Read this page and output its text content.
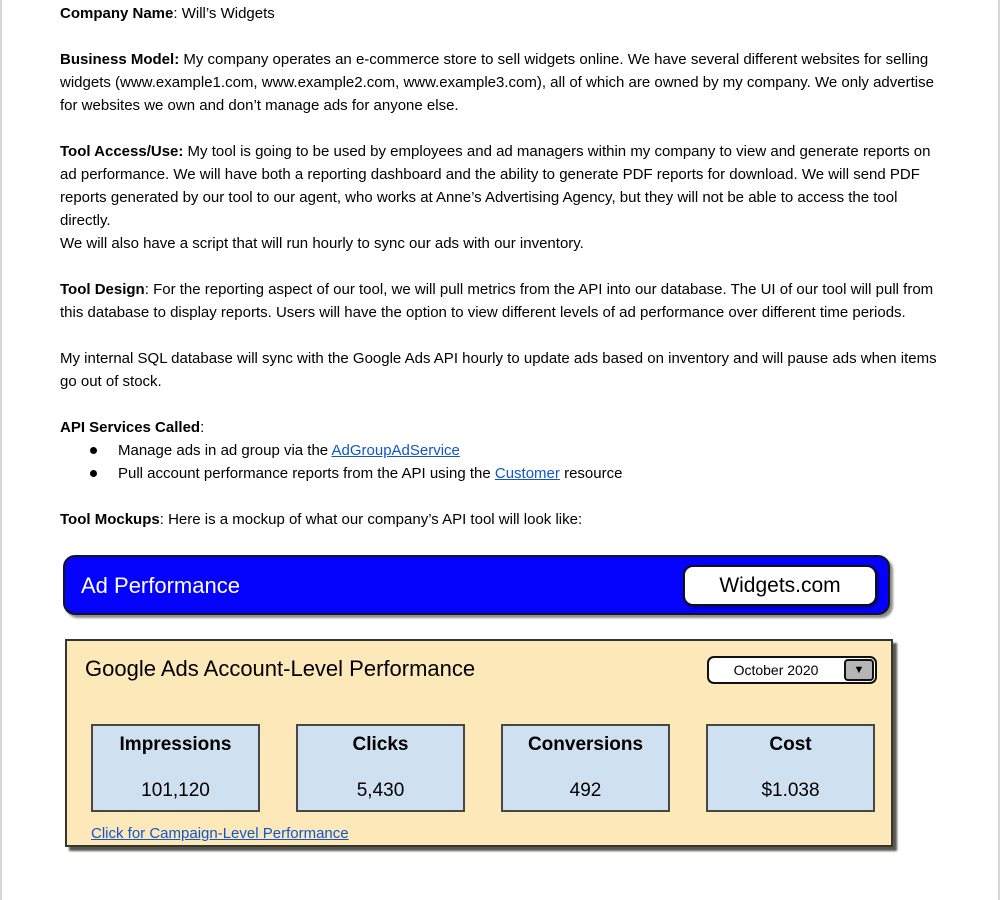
Company Name: Will’s Widgets

Business Model: My company operates an e-commerce store to sell widgets online. We have several different websites for selling widgets (www.example1.com, www.example2.com, www.example3.com), all of which are owned by my company. We only advertise for websites we own and don’t manage ads for anyone else.

Tool Access/Use: My tool is going to be used by employees and ad managers within my company to view and generate reports on ad performance. We will have both a reporting dashboard and the ability to generate PDF reports for download. We will send PDF reports generated by our tool to our agent, who works at Anne’s Advertising Agency, but they will not be able to access the tool directly.
We will also have a script that will run hourly to sync our ads with our inventory.

Tool Design: For the reporting aspect of our tool, we will pull metrics from the API into our database. The UI of our tool will pull from this database to display reports. Users will have the option to view different levels of ad performance over different time periods.

My internal SQL database will sync with the Google Ads API hourly to update ads based on inventory and will pause ads when items go out of stock.

API Services Called:

Manage ads in ad group via the AdGroupAdService
Pull account performance reports from the API using the Customer resource

Tool Mockups: Here is a mockup of what our company’s API tool will look like:

Ad Performance	Widgets.com
Google Ads Account-Level Performance	October 2020	▼
Impressions
101,120
Clicks
5,430
Conversions
492
Cost
$1.038
Click for Campaign-Level Performance
